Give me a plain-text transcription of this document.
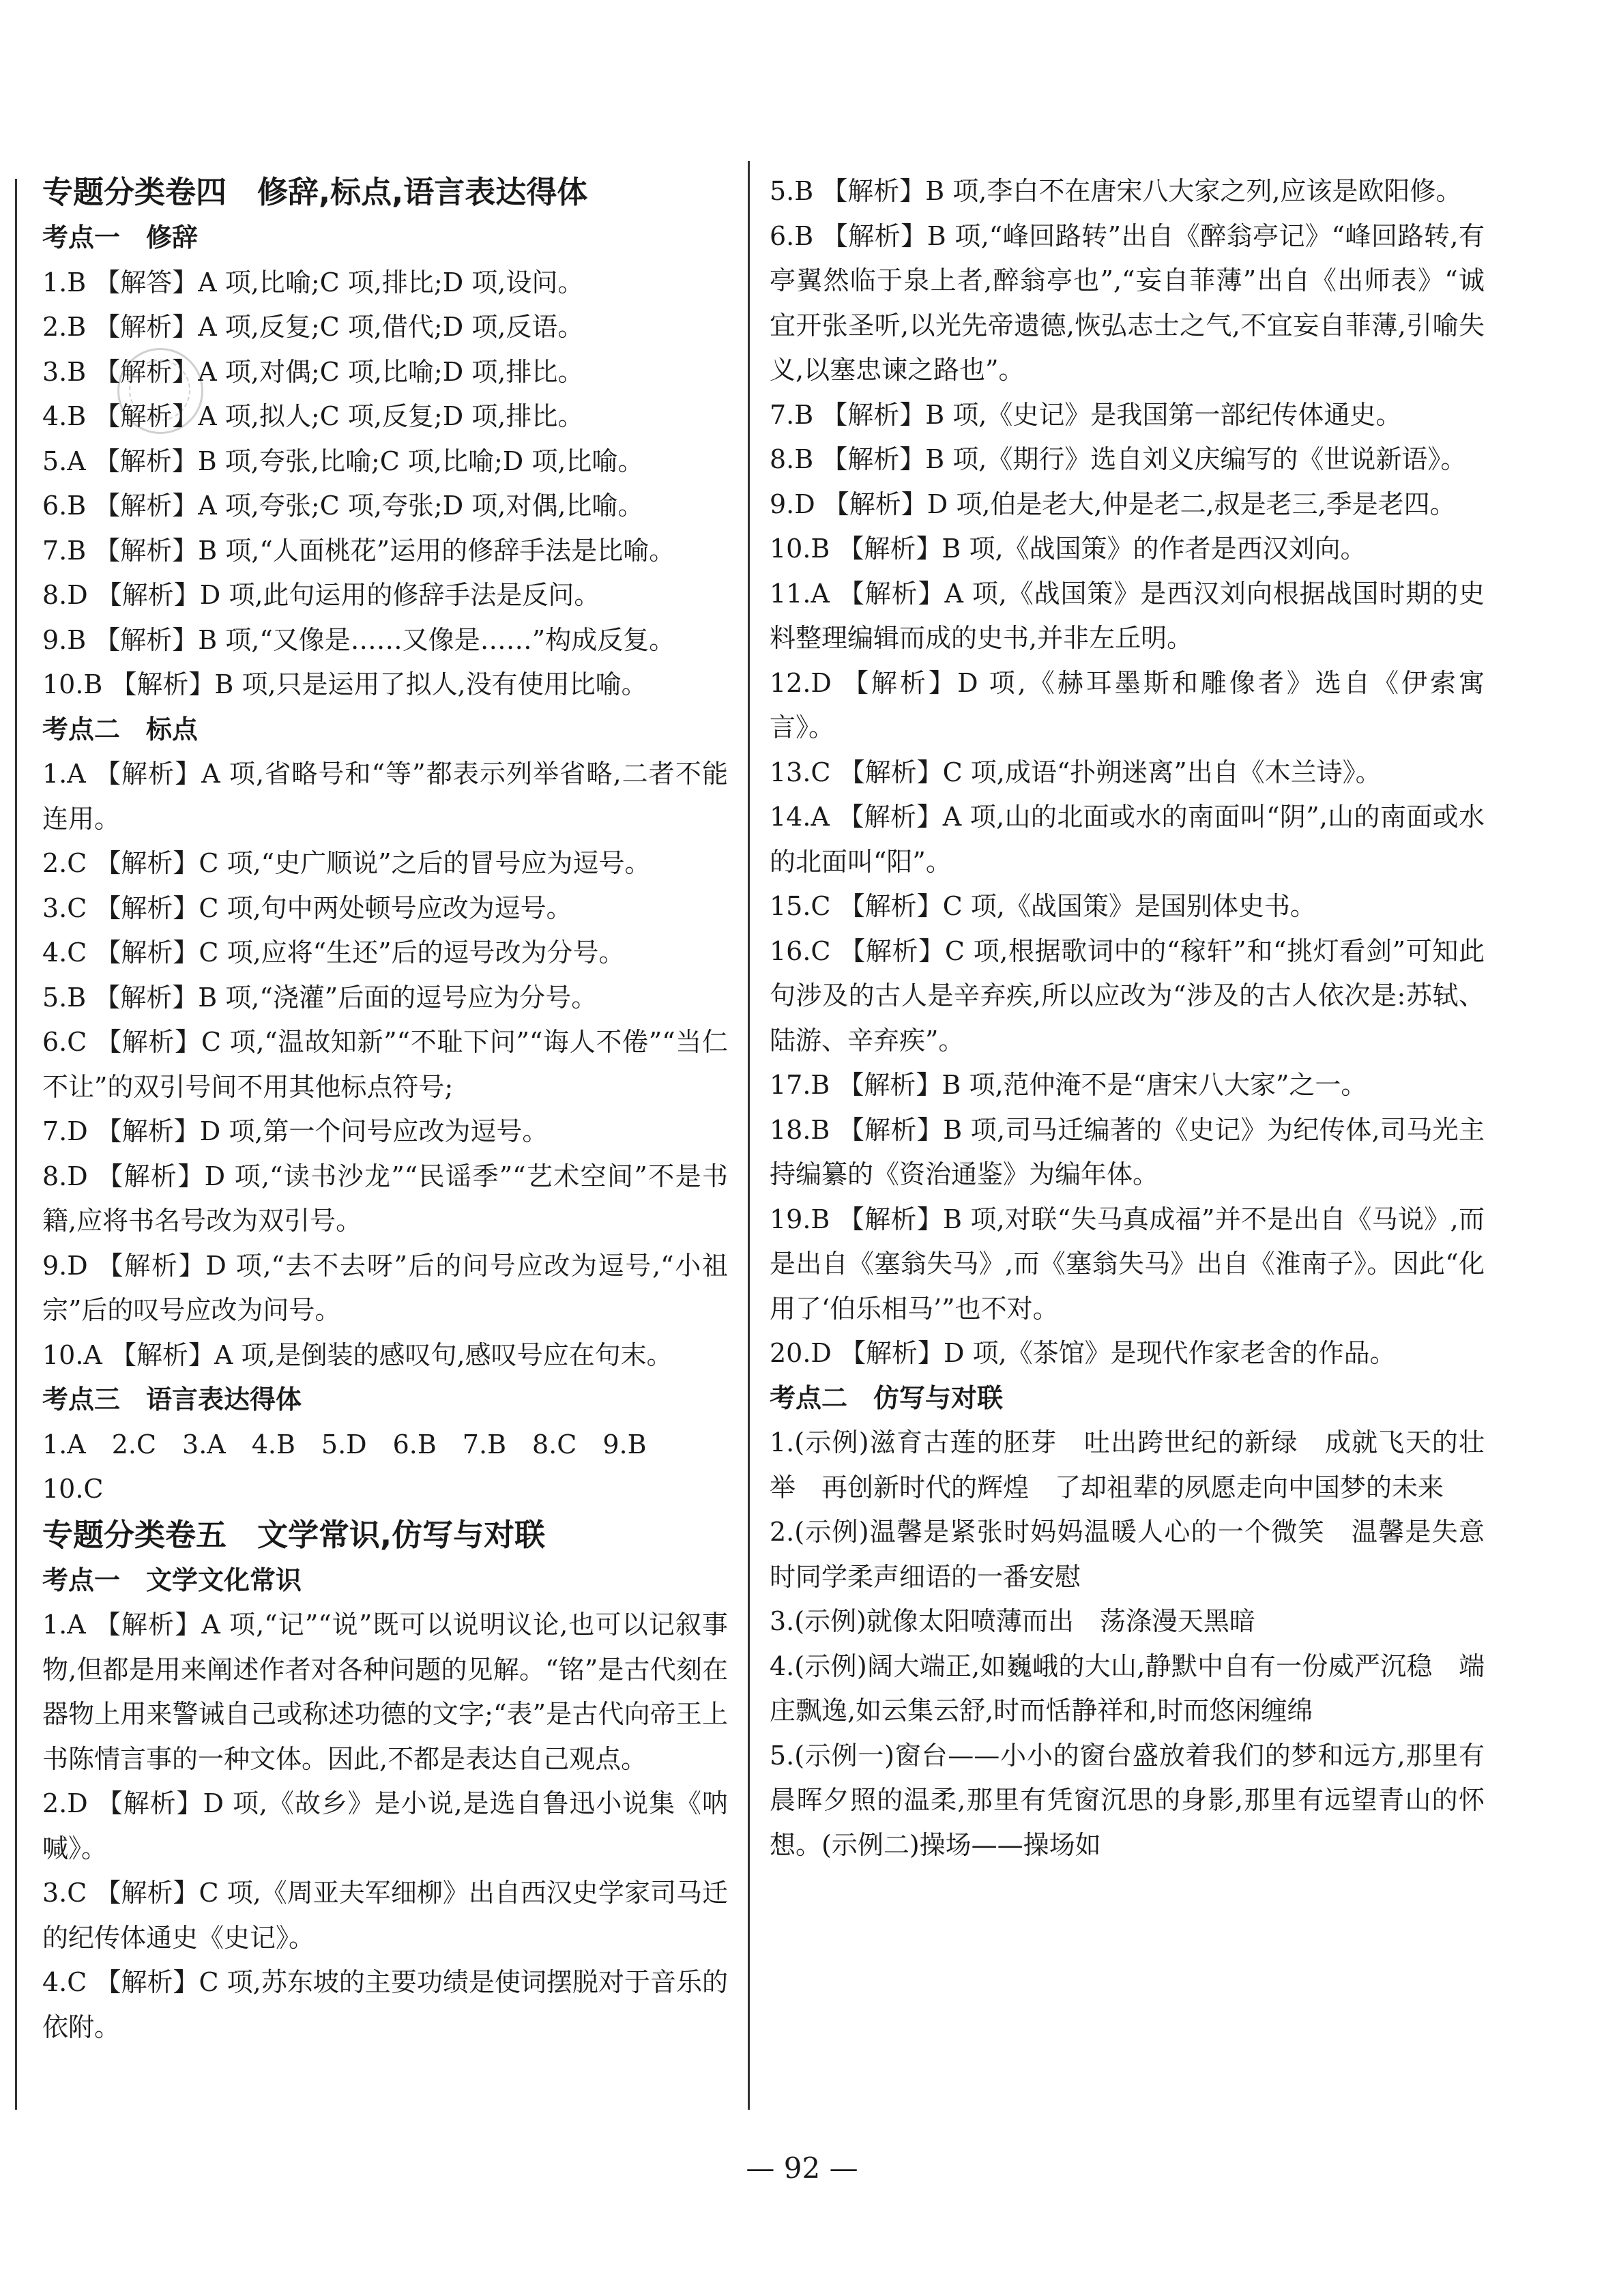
专题分类卷四　修辞,标点,语言表达得体

考点一　修辞

1.B 【解答】A 项,比喻;C 项,排比;D 项,设问。

2.B 【解析】A 项,反复;C 项,借代;D 项,反语。

3.B 【解析】A 项,对偶;C 项,比喻;D 项,排比。

4.B 【解析】A 项,拟人;C 项,反复;D 项,排比。

5.A 【解析】B 项,夸张,比喻;C 项,比喻;D 项,比喻。

6.B 【解析】A 项,夸张;C 项,夸张;D 项,对偶,比喻。

7.B 【解析】B 项,“人面桃花”运用的修辞手法是比喻。

8.D 【解析】D 项,此句运用的修辞手法是反问。

9.B 【解析】B 项,“又像是……又像是……”构成反复。

10.B 【解析】B 项,只是运用了拟人,没有使用比喻。

考点二　标点

1.A 【解析】A 项,省略号和“等”都表示列举省略,二者不能连用。

2.C 【解析】C 项,“史广顺说”之后的冒号应为逗号。

3.C 【解析】C 项,句中两处顿号应改为逗号。

4.C 【解析】C 项,应将“生还”后的逗号改为分号。

5.B 【解析】B 项,“浇灌”后面的逗号应为分号。

6.C 【解析】C 项,“温故知新”“不耻下问”“诲人不倦”“当仁不让”的双引号间不用其他标点符号;

7.D 【解析】D 项,第一个问号应改为逗号。

8.D 【解析】D 项,“读书沙龙”“民谣季”“艺术空间”不是书籍,应将书名号改为双引号。

9.D 【解析】D 项,“去不去呀”后的问号应改为逗号,“小祖宗”后的叹号应改为问号。

10.A 【解析】A 项,是倒装的感叹句,感叹号应在句末。

考点三　语言表达得体

1.A　2.C　3.A　4.B　5.D　6.B　7.B　8.C　9.B

10.C

专题分类卷五　文学常识,仿写与对联

考点一　文学文化常识

1.A 【解析】A 项,“记”“说”既可以说明议论,也可以记叙事物,但都是用来阐述作者对各种问题的见解。“铭”是古代刻在器物上用来警诫自己或称述功德的文字;“表”是古代向帝王上书陈情言事的一种文体。因此,不都是表达自己观点。

2.D 【解析】D 项,《故乡》是小说,是选自鲁迅小说集《呐喊》。

3.C 【解析】C 项,《周亚夫军细柳》出自西汉史学家司马迁的纪传体通史《史记》。

4.C 【解析】C 项,苏东坡的主要功绩是使词摆脱对于音乐的依附。

5.B 【解析】B 项,李白不在唐宋八大家之列,应该是欧阳修。

6.B 【解析】B 项,“峰回路转”出自《醉翁亭记》“峰回路转,有亭翼然临于泉上者,醉翁亭也”,“妄自菲薄”出自《出师表》“诚宜开张圣听,以光先帝遗德,恢弘志士之气,不宜妄自菲薄,引喻失义,以塞忠谏之路也”。

7.B 【解析】B 项,《史记》是我国第一部纪传体通史。

8.B 【解析】B 项,《期行》选自刘义庆编写的《世说新语》。

9.D 【解析】D 项,伯是老大,仲是老二,叔是老三,季是老四。

10.B 【解析】B 项,《战国策》的作者是西汉刘向。

11.A 【解析】A 项,《战国策》是西汉刘向根据战国时期的史料整理编辑而成的史书,并非左丘明。

12.D 【解析】D 项,《赫耳墨斯和雕像者》选自《伊索寓言》。

13.C 【解析】C 项,成语“扑朔迷离”出自《木兰诗》。

14.A 【解析】A 项,山的北面或水的南面叫“阴”,山的南面或水的北面叫“阳”。

15.C 【解析】C 项,《战国策》是国别体史书。

16.C 【解析】C 项,根据歌词中的“稼轩”和“挑灯看剑”可知此句涉及的古人是辛弃疾,所以应改为“涉及的古人依次是:苏轼、陆游、辛弃疾”。

17.B 【解析】B 项,范仲淹不是“唐宋八大家”之一。

18.B 【解析】B 项,司马迁编著的《史记》为纪传体,司马光主持编纂的《资治通鉴》为编年体。

19.B 【解析】B 项,对联“失马真成福”并不是出自《马说》,而是出自《塞翁失马》,而《塞翁失马》出自《淮南子》。因此“化用了‘伯乐相马’”也不对。

20.D 【解析】D 项,《茶馆》是现代作家老舍的作品。

考点二　仿写与对联

1.(示例)滋育古莲的胚芽　吐出跨世纪的新绿　成就飞天的壮举　再创新时代的辉煌　了却祖辈的夙愿走向中国梦的未来

2.(示例)温馨是紧张时妈妈温暖人心的一个微笑　温馨是失意时同学柔声细语的一番安慰

3.(示例)就像太阳喷薄而出　荡涤漫天黑暗

4.(示例)阔大端正,如巍峨的大山,静默中自有一份威严沉稳　端庄飘逸,如云集云舒,时而恬静祥和,时而悠闲缠绵

5.(示例一)窗台——小小的窗台盛放着我们的梦和远方,那里有晨晖夕照的温柔,那里有凭窗沉思的身影,那里有远望青山的怀想。(示例二)操场——操场如

— 92 —
